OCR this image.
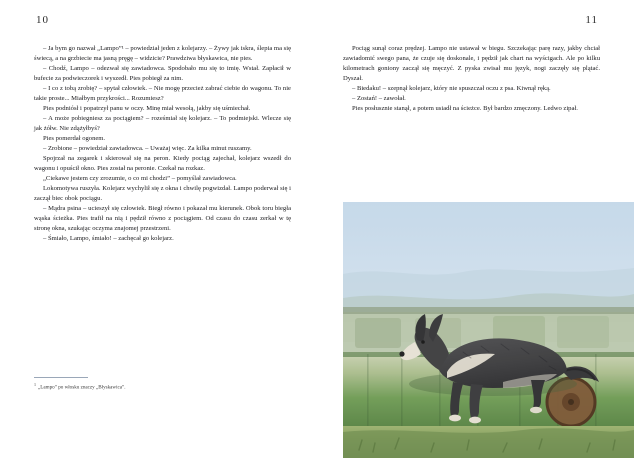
10

– Ja bym go nazwał „Lampo”¹ – powiedział jeden z kolejarzy. – Żywy jak iskra, ślepia ma się świecą, a na grzbiecie ma jasną pręgę – widzicie? Prawdziwa błyskawica, nie pies.

– Chodź, Lampo – odezwał się zawiadowca. Spodobało mu się to imię. Wstał. Zapłacił w bufecie za podwieczorek i wyszedł. Pies pobiegł za nim.

– I co z tobą zrobię? – spytał człowiek. – Nie mogę przecież zabrać ciebie do wagonu. To nie takie proste... Miałbym przykrości... Rozumiesz?

Pies podniósł i popatrzył panu w oczy. Minę miał wesołą, jakby się uśmiechał.

– A może pobiegniesz za pociągiem? – roześmiał się kolejarz. – To podmiejski. Wlecze się jak żółw. Nie zdążyłbyś?

Pies pomerdał ogonem.

– Zrobione – powiedział zawiadowca. – Uważaj więc. Za kilka minut ruszamy.

Spojrzał na zegarek i skierował się na peron. Kiedy pociąg zajechał, kolejarz wszedł do wagonu i opuścił okno. Pies został na peronie. Czekał na rozkaz.

„Ciekawe jestem czy zrozumie, o co mi chodzi” – pomyślał zawiadowca.

Lokomotywa ruszyła. Kolejarz wychylił się z okna i chwilę pogwizdał. Lampo poderwał się i zaczął biec obok pociągu.

– Mądra psina – ucieszył się człowiek. Biegł równo i pokazał mu kierunek. Obok toru biegła wąska ścieżka. Pies trafił na nią i pędził równo z pociągiem. Od czasu do czasu zerkał w tę stronę okna, szukając oczyma znajomej przestrzeni.

– Śmiało, Lampo, śmiało! – zachęcał go kolejarz.

$^1$„Lampo” po włosku znaczy „Błyskawica”.
11

Pociąg sunął coraz prędzej. Lampo nie ustawał w biegu. Szczekając parę razy, jakby chciał zawiadomić swego pana, że czuje się doskonale, i pędził jak chart na wyścigach. Ale po kilku kilometrach goniony zaczął się męczyć. Z pyska zwisał mu język, nogi zaczęły się plątać. Dyszał.

– Biedaku! – szepnął kolejarz, który nie spuszczał oczu z psa. Kiwnął ręką.

– Zostań! – zawołał.

Pies posłusznie stanął, a potem usiadł na ścieżce. Był bardzo zmęczony. Ledwo zipał.
